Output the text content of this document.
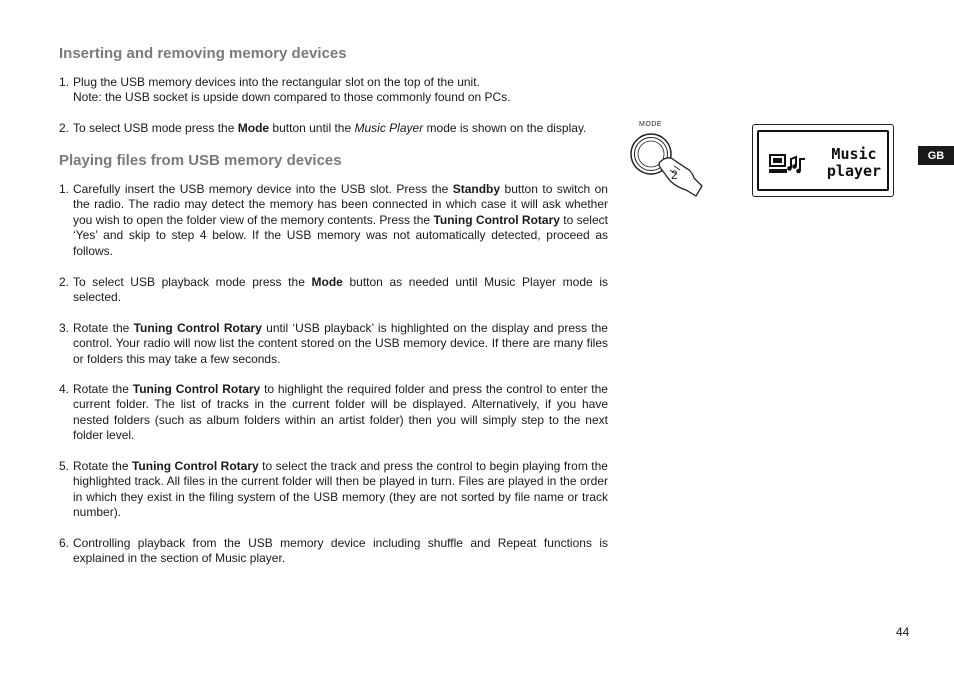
Inserting and removing memory devices
1. Plug the USB memory devices into the rectangular slot on the top of the unit.
Note: the USB socket is upside down compared to those commonly found on PCs.
2. To select USB mode press the Mode button until the Music Player mode is shown on the display.
Playing files from USB memory devices
1. Carefully insert the USB memory device into the USB slot. Press the Standby button to switch on the radio. The radio may detect the memory has been connected in which case it will ask whether you wish to open the folder view of the memory contents. Press the Tuning Control Rotary to select ‘Yes’ and skip to step 4 below. If the USB memory was not automatically detected, proceed as follows.
2. To select USB playback mode press the Mode button as needed until Music Player mode is selected.
3. Rotate the Tuning Control Rotary until ‘USB playback’ is highlighted on the display and press the control. Your radio will now list the content stored on the USB memory device. If there are many files or folders this may take a few seconds.
4. Rotate the Tuning Control Rotary to highlight the required folder and press the control to enter the current folder. The list of tracks in the current folder will be displayed. Alternatively, if you have nested folders (such as album folders within an artist folder) then you will simply step to the next folder level.
5. Rotate the Tuning Control Rotary to select the track and press the control to begin playing from the highlighted track. All files in the current folder will then be played in turn. Files are played in the order in which they exist in the filing system of the USB memory (they are not sorted by file name or track number).
6. Controlling playback from the USB memory device including shuffle and Repeat functions is explained in the section of Music player.
MODE
2
Music
player
GB
44
